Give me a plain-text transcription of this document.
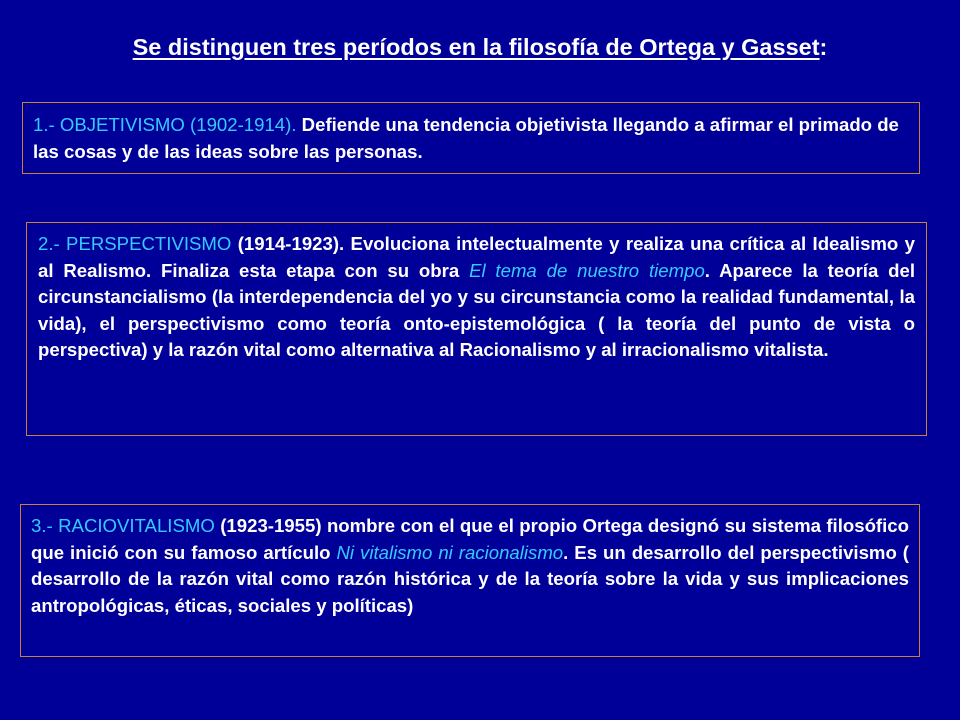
Se distinguen tres períodos en la filosofía de Ortega y Gasset:
1.- OBJETIVISMO (1902-1914). Defiende una tendencia objetivista llegando a afirmar el primado de las cosas y de las ideas sobre las personas.
2.- PERSPECTIVISMO (1914-1923). Evoluciona intelectualmente y realiza una crítica al Idealismo y al Realismo. Finaliza esta etapa con su obra El tema de nuestro tiempo. Aparece la teoría del circunstancialismo (la interdependencia del yo y su circunstancia como la realidad fundamental, la vida), el perspectivismo como teoría onto-epistemológica ( la teoría del punto de vista o perspectiva) y la razón vital como alternativa al Racionalismo y al irracionalismo vitalista.
3.- RACIOVITALISMO (1923-1955) nombre con el que el propio Ortega designó su sistema filosófico que inició con su famoso artículo Ni vitalismo ni racionalismo. Es un desarrollo del perspectivismo ( desarrollo de la razón vital como razón histórica y de la teoría sobre la vida y sus implicaciones antropológicas, éticas, sociales y políticas)
